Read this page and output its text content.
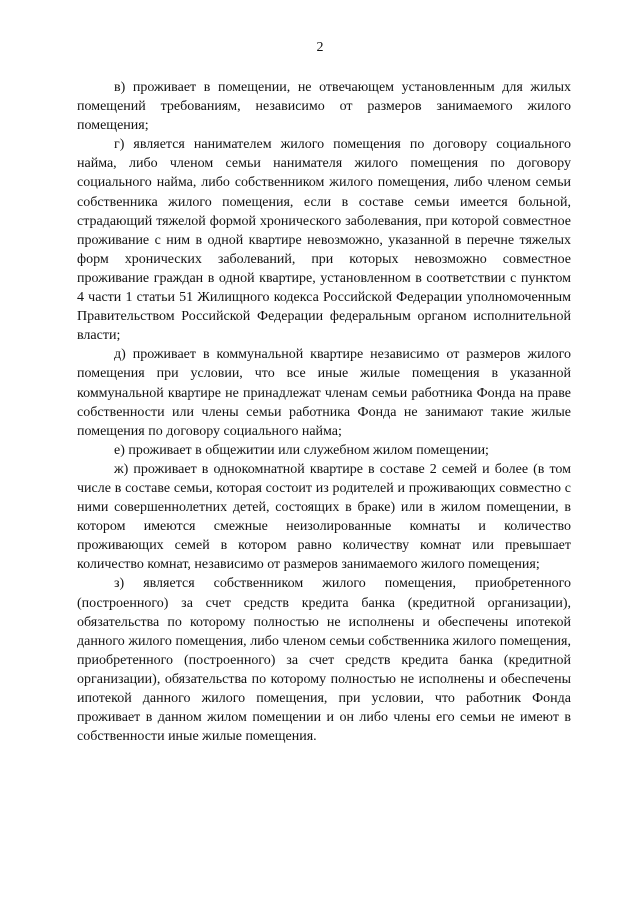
2

в) проживает в помещении, не отвечающем установленным для жилых помещений требованиям, независимо от размеров занимаемого жилого помещения;

г) является нанимателем жилого помещения по договору социального найма, либо членом семьи нанимателя жилого помещения по договору социального найма, либо собственником жилого помещения, либо членом семьи собственника жилого помещения, если в составе семьи имеется больной, страдающий тяжелой формой хронического заболевания, при которой совместное проживание с ним в одной квартире невозможно, указанной в перечне тяжелых форм хронических заболеваний, при которых невозможно совместное проживание граждан в одной квартире, установленном в соответствии с пунктом 4 части 1 статьи 51 Жилищного кодекса Российской Федерации уполномоченным Правительством Российской Федерации федеральным органом исполнительной власти;

д) проживает в коммунальной квартире независимо от размеров жилого помещения при условии, что все иные жилые помещения в указанной коммунальной квартире не принадлежат членам семьи работника Фонда на праве собственности или члены семьи работника Фонда не занимают такие жилые помещения по договору социального найма;

е) проживает в общежитии или служебном жилом помещении;

ж) проживает в однокомнатной квартире в составе 2 семей и более (в том числе в составе семьи, которая состоит из родителей и проживающих совместно с ними совершеннолетних детей, состоящих в браке) или в жилом помещении, в котором имеются смежные неизолированные комнаты и количество проживающих семей в котором равно количеству комнат или превышает количество комнат, независимо от размеров занимаемого жилого помещения;

з) является собственником жилого помещения, приобретенного (построенного) за счет средств кредита банка (кредитной организации), обязательства по которому полностью не исполнены и обеспечены ипотекой данного жилого помещения, либо членом семьи собственника жилого помещения, приобретенного (построенного) за счет средств кредита банка (кредитной организации), обязательства по которому полностью не исполнены и обеспечены ипотекой данного жилого помещения, при условии, что работник Фонда проживает в данном жилом помещении и он либо члены его семьи не имеют в собственности иные жилые помещения.
